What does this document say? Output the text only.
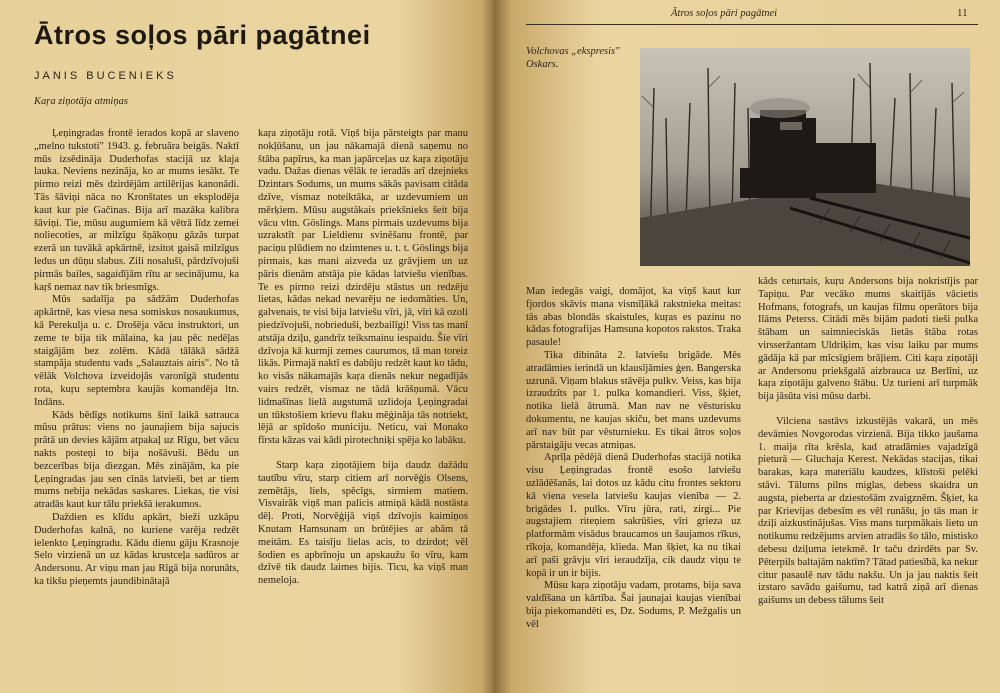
Ātros soļos pāri pagātnei
JANIS BUCENIEKS
Kaŗa ziņotāja atmiņas

Ļeņingradas frontē ierados kopā ar slaveno „melno tukstoti" 1943. g. februāra beigās. Naktī mūs izsēdināja Duderhofas stacijā uz klaja lauka. Neviens nezināja, ko ar mums iesākt. Te pirmo reizi mēs dzirdējām artilērijas kanonādi. Tās šāviņi nāca no Kronštates un eksplodēja kaut kur pie Gačinas. Bija arī mazāka kalibra šāviņi. Tie, mūsu augumiem kā vētrā līdz zemei noliecoties, ar milzīgu šņākoņu gāzās turpat ezerā un tuvākā apkārtnē, izsitot gaisā milzīgus ledus un dūņu slabus. Zili nosaluši, pārdzīvojuši pirmās bailes, sagaidījām rītu ar secinājumu, ka kaŗš nemaz nav tik briesmīgs.

Mūs sadalīja pa sādžām Duderhofas apkārtnē, kas viesa nesa somiskus nosaukumus, kā Perekulja u. c. Drošēja vācu instruktori, un zeme te bija tik mālaina, ka jau pēc nedēļas staigājām bez zolēm. Kādā tālākā sādžā stampāja studentu vads „Salauztais airis". No tā vēlāk Volchova izveidojās varonīgā studentu rota, kuŗu septembra kaujās komandēja ltn. Indāns.

Kāds bēdīgs notikums šinī laikā satrauca mūsu prātus: viens no jaunajiem bija sajucis prātā un devies kājām atpakaļ uz Rīgu, bet vācu nakts posteņi to bija nošāvuši. Bēdu un bezcerības bija diezgan. Mēs zinājām, ka pie Ļeņingradas jau sen cīnās latvieši, bet ar tiem mums nebija nekādas saskares. Liekas, tie visi atradās kaut kur tālu priekšā ierakumos.

Daždien es klīdu apkārt, bieži uzkāpu Duderhofas kalnā, no kuriene varēja redzēt ielenkto Ļeņingradu. Kādu dienu gāju Krasnoje Selo virzienā un uz kādas krustceļa sadūros ar Andersonu. Ar viņu man jau Rīgā bija norunāts, ka tikšu pieņemts jaundibinātajā

kaŗa ziņotāju rotā. Viņš bija pārsteigts par manu nokļūšanu, un jau nākamajā dienā saņemu no štāba papīrus, ka man japārceļas uz kaŗa ziņotāju vadu. Dažas dienas vēlāk te ieradās arī dzejnieks Dzintars Sodums, un mums sākās pavisam citāda dzīve, vismaz noteiktāka, ar uzdevumiem un mērķiem. Mūsu augstākais priekšnieks šeit bija vācu vltn. Göslings. Mans pirmais uzdevums bija uzrakstīt par Lieldienu svinēšanu frontē, par paciņu plūdiem no dzimtenes u. t. t. Göslings bija pirmais, kas mani aizveda uz grāvjiem un uz pāris dienām atstāja pie kādas latviešu vienības. Te es pirmo reizi dzirdēju stāstus un redzēju lietas, kādas nekad nevarēju ne iedomāties. Un, galvenais, te visi bija latviešu vīri, jā, vīri kā ozoli piedzīvojuši, nobrieduši, bezbailīgi! Viss tas manī atstāja dziļu, gandrīz teiksmainu iespaidu. Šie vīri dzīvoja kā kurmji zemes caurumos, tā man toreiz likās. Pirmajā naktī es dabūju redzēt kaut ko tādu, ko visās nākamajās kaŗa dienās nekur negadījās vairs redzēt, vismaz ne tādā krāšņumā. Vācu lidmašīnas lielā augstumā uzlidoja Ļeņingradai un tūkstošiem krievu flaku mēģināja tās notriekt, lējā ar spīdošo municiju. Neticu, vai Monako fīrsta kāzas vai kādi pirotechniķi spēja ko labāku.

Starp kaŗa ziņotājiem bija daudz dažādu tautību vīru, starp citiem arī norvēģis Olsens, zemētājs, liels, spēcīgs, sirmiem matiem. Visvairāk viņš man palicis atmiņā kādā nostāsta dēļ. Proti, Norvēģijā viņš dzīvojis kaimiņos Knutam Hamsunam un brūtējies ar abām tā meitām. Es taisīju lielas acis, to dzirdot; vēl šodien es apbrīnoju un apskaužu šo vīru, kam dzīvē tik daudz laimes bijis. Ticu, ka viņš man nemeloja.

Ātros soļos pāri pagātnei	11
Volchovas „ekspresis" Oskars.

Man iedegās vaigi, domājot, ka viņš kaut kur fjordos skāvis mana vismīļākā rakstnieka meitas: tās abas blondās skaistules, kuŗas es pazinu no kādas fotografijas Hamsuna kopotos rakstos. Traka pasaule!

Tika dibināta 2. latviešu brigāde. Mēs atradāmies ierindā un klausījāmies ģen. Bangerska uzrunā. Viņam blakus stāvēja pulkv. Veiss, kas bija izraudzīts par 1. pulka komandieri. Viss, šķiet, notika lielā ātrumā. Man nav ne vēsturisku dokumentu, ne kaujas skiču, bet mans uzdevums arī nav būt par vēsturnieku. Es tikai ātros soļos pārstaigāju vecas atmiņas.

Aprīļa pēdējā dienā Duderhofas stacijā notika visu Ļeņingradas frontē esošo latviešu uzlādēšanās, lai dotos uz kādu citu frontes sektoru kā viena vesela latviešu kaujas vienība — 2. brigādes 1. pulks. Vīru jūra, rati, zirgi... Pie augstajiem riteņiem sakrūšies, vīri grieza uz platformām visādus braucamos un šaujamos rīkus, rīkoja, komandēja, klieda. Man šķiet, ka nu tikai arī paši grāvju vīri ieraudzīja, cik daudz viņu te kopā ir un ir bijis.

Mūsu kaŗa ziņotāju vadam, protams, bija sava valdīšana un kārtība. Šai jaunajai kaujas vienībai bija piekomandēti es, Dz. Sodums, P. Mežgalis un vēl

kāds ceturtais, kuŗu Andersons bija nokristījis par Tapiņu. Par vecāko mums skaitījās vācietis Hofmans, fotografs, un kaujas filmu operātors bija Ilāms Peterss. Citādi mēs bijām padoti tieši pulka štābam un saimnieciskās lietās štāba rotas virsseržantam Uldriķim, kas visu laiku par mums gādāja kā par mīcsīgiem brāļiem. Citi kaŗa ziņotāji ar Andersonu priekšgalā aizbrauca uz Berlīni, uz kaŗa ziņotāju galveno štābu. Uz turieni arī turpmāk bija jāsūta visi mūsu darbi.

Vilciena sastāvs izkustējās vakarā, un mēs devāmies Novgorodas virzienā. Bija tikko jaušama 1. maija rīta krēsla, kad atradāmies vajadzīgā pieturā — Gluchaja Kerest. Nekādas stacijas, tikai barakas, kaŗa materiālu kaudzes, klīstoši pelēki stāvi. Tālums pilns miglas, debess skaidra un augsta, pieberta ar dziestošām zvaigznēm. Šķiet, ka par Krievijas debesīm es vēl runāšu, jo tās man ir dziļi aizkustinājušas. Viss mans turpmākais lietu un notikumu redzējums arvien atradās šo tālo, mistisko debesu dziļuma ietekmē. Ir taču dzirdēts par Sv. Pēterpils baltajām naktīm? Tātad patiesībā, ka nekur citur pasaulē nav tādu nakšu. Un ja jau naktis šeit izstaro savādu gaišumu, tad katrā ziņā arī dienas gaišums un debess tālums šeit
